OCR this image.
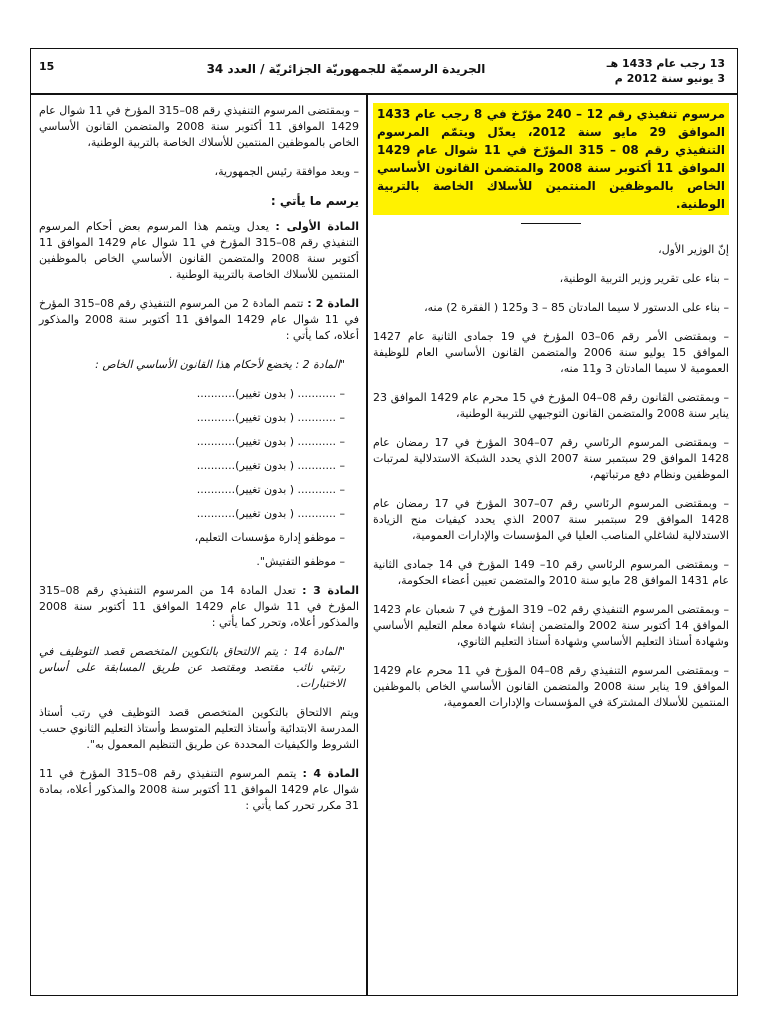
13 رجب عام 1433 هـ
3 يونيو سنة 2012 م
الجريدة الرسميّة للجمهوريّة الجزائريّة / العدد 34
15
مرسوم تنفيذي رقم 12 – 240 مؤرّخ في 8 رجب عام 1433 الموافق 29 مايو سنة 2012، يعدّل ويتمّم المرسوم التنفيذي رقم 08 – 315 المؤرّخ في 11 شوال عام 1429 الموافق 11 أكتوبر سنة 2008 والمتضمن القانون الأساسي الخاص بالموظفين المنتمين للأسلاك الخاصة بالتربية الوطنية.
إنّ الوزير الأول،
– بناء على تقرير وزير التربية الوطنية،
– بناء على الدستور لا سيما المادتان 85 – 3 و125 ( الفقرة 2) منه،
– وبمقتضى الأمر رقم 06–03 المؤرخ في 19 جمادى الثانية عام 1427 الموافق 15 يوليو سنة 2006 والمتضمن القانون الأساسي العام للوظيفة العمومية لا سيما المادتان 3 و11 منه،
– وبمقتضى القانون رقم 08–04 المؤرخ في 15 محرم عام 1429 الموافق 23 يناير سنة 2008 والمتضمن القانون التوجيهي للتربية الوطنية،
– وبمقتضى المرسوم الرئاسي رقم 07–304 المؤرخ في 17 رمضان عام 1428 الموافق 29 سبتمبر سنة 2007 الذي يحدد الشبكة الاستدلالية لمرتبات الموظفين ونظام دفع مرتباتهم،
– وبمقتضى المرسوم الرئاسي رقم 07–307 المؤرخ في 17 رمضان عام 1428 الموافق 29 سبتمبر سنة 2007 الذي يحدد كيفيات منح الزيادة الاستدلالية لشاغلي المناصب العليا في المؤسسات والإدارات العمومية،
– وبمقتضى المرسوم الرئاسي رقم 10– 149 المؤرخ في 14 جمادى الثانية عام 1431 الموافق 28 مايو سنة 2010 والمتضمن تعيين أعضاء الحكومة،
– وبمقتضى المرسوم التنفيذي رقم 02– 319 المؤرخ في 7 شعبان عام 1423 الموافق 14 أكتوبر سنة 2002 والمتضمن إنشاء شهادة معلم التعليم الأساسي وشهادة أستاذ التعليم الأساسي وشهادة أستاذ التعليم الثانوي،
– وبمقتضى المرسوم التنفيذي رقم 08–04 المؤرخ في 11 محرم عام 1429 الموافق 19 يناير سنة 2008 والمتضمن القانون الأساسي الخاص بالموظفين المنتمين للأسلاك المشتركة في المؤسسات والإدارات العمومية،
– وبمقتضى المرسوم التنفيذي رقم 08–315 المؤرخ في 11 شوال عام 1429 الموافق 11 أكتوبر سنة 2008 والمتضمن القانون الأساسي الخاص بالموظفين المنتمين للأسلاك الخاصة بالتربية الوطنية،
– وبعد موافقة رئيس الجمهورية،
يرسم ما يأتي :
المادة الأولى : يعدل ويتمم هذا المرسوم بعض أحكام المرسوم التنفيذي رقم 08–315 المؤرخ في 11 شوال عام 1429 الموافق 11 أكتوبر سنة 2008 والمتضمن القانون الأساسي الخاص بالموظفين المنتمين للأسلاك الخاصة بالتربية الوطنية .
المادة 2 : تتمم المادة 2 من المرسوم التنفيذي رقم 08–315 المؤرخ في 11 شوال عام 1429 الموافق 11 أكتوبر سنة 2008 والمذكور أعلاه، كما يأتي :
"المادة 2 : يخضع لأحكام هذا القانون الأساسي الخاص :
– ........... ( بدون تغيير)...........
– ........... ( بدون تغيير)...........
– ........... ( بدون تغيير)...........
– ........... ( بدون تغيير)...........
– ........... ( بدون تغيير)...........
– ........... ( بدون تغيير)...........
– موظفو إدارة مؤسسات التعليم،
– موظفو التفتيش".
المادة 3 : تعدل المادة 14 من المرسوم التنفيذي رقم 08–315 المؤرخ في 11 شوال عام 1429 الموافق 11 أكتوبر سنة 2008 والمذكور أعلاه، وتحرر كما يأتي :
"المادة 14 : يتم الالتحاق بالتكوين المتخصص قصد التوظيف في رتبتي نائب مقتصد ومقتصد عن طريق المسابقة على أساس الاختبارات.
ويتم الالتحاق بالتكوين المتخصص قصد التوظيف في رتب أستاذ المدرسة الابتدائية وأستاذ التعليم المتوسط وأستاذ التعليم الثانوي حسب الشروط والكيفيات المحددة عن طريق التنظيم المعمول به".
المادة 4 : يتمم المرسوم التنفيذي رقم 08–315 المؤرخ في 11 شوال عام 1429 الموافق 11 أكتوبر سنة 2008 والمذكور أعلاه، بمادة 31 مكرر تحرر كما يأتي :
